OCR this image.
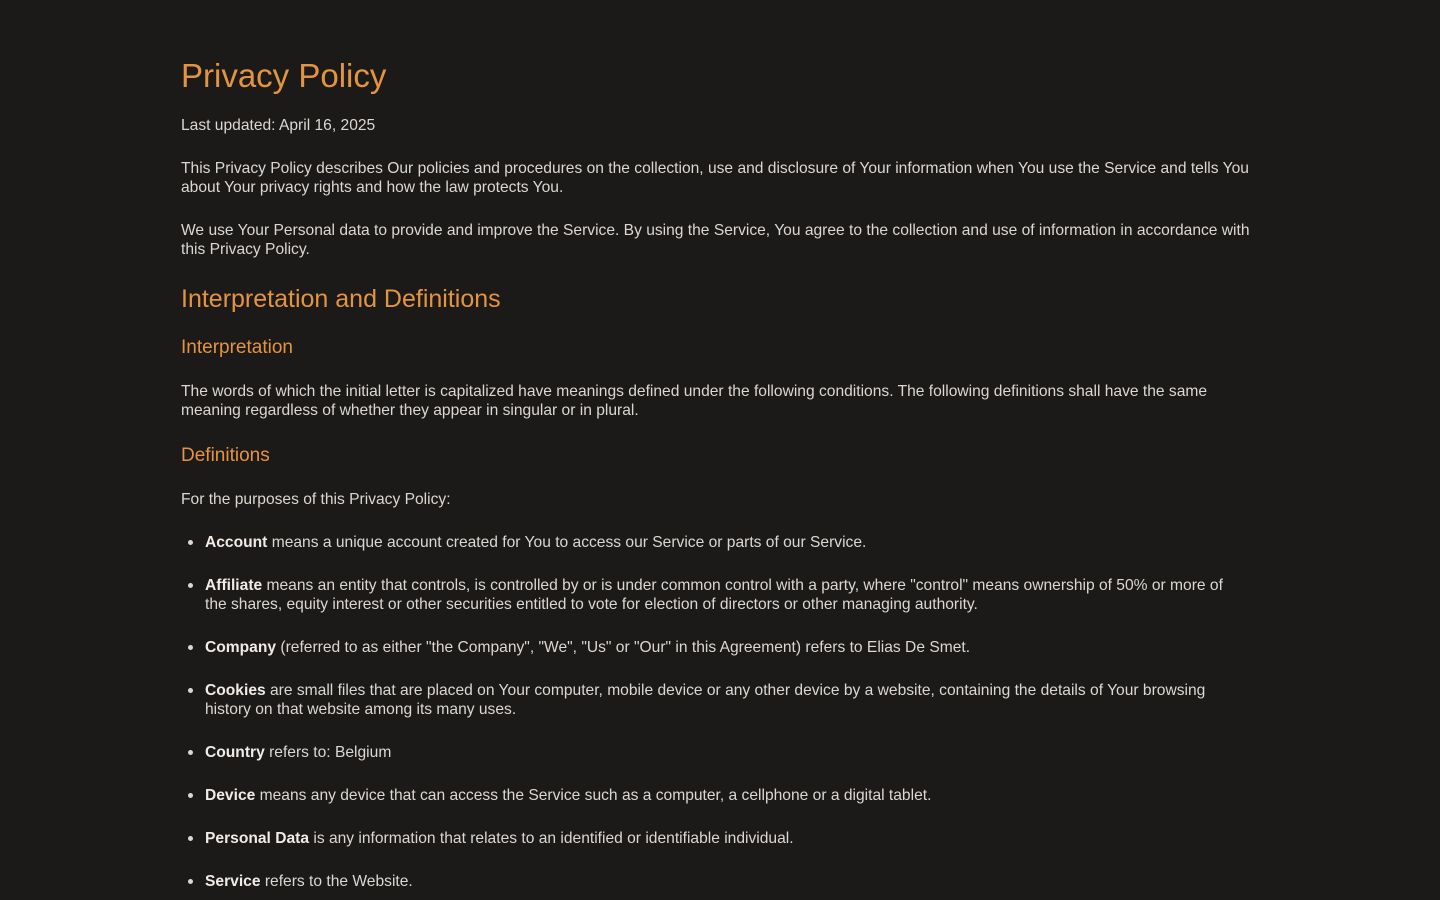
Privacy Policy

Last updated: April 16, 2025

This Privacy Policy describes Our policies and procedures on the collection, use and disclosure of Your information when You use the Service and tells You about Your privacy rights and how the law protects You.

We use Your Personal data to provide and improve the Service. By using the Service, You agree to the collection and use of information in accordance with this Privacy Policy.

Interpretation and Definitions
Interpretation

The words of which the initial letter is capitalized have meanings defined under the following conditions. The following definitions shall have the same meaning regardless of whether they appear in singular or in plural.

Definitions

For the purposes of this Privacy Policy:

Account means a unique account created for You to access our Service or parts of our Service.
Affiliate means an entity that controls, is controlled by or is under common control with a party, where "control" means ownership of 50% or more of the shares, equity interest or other securities entitled to vote for election of directors or other managing authority.
Company (referred to as either "the Company", "We", "Us" or "Our" in this Agreement) refers to Elias De Smet.
Cookies are small files that are placed on Your computer, mobile device or any other device by a website, containing the details of Your browsing history on that website among its many uses.
Country refers to: Belgium
Device means any device that can access the Service such as a computer, a cellphone or a digital tablet.
Personal Data is any information that relates to an identified or identifiable individual.
Service refers to the Website.
